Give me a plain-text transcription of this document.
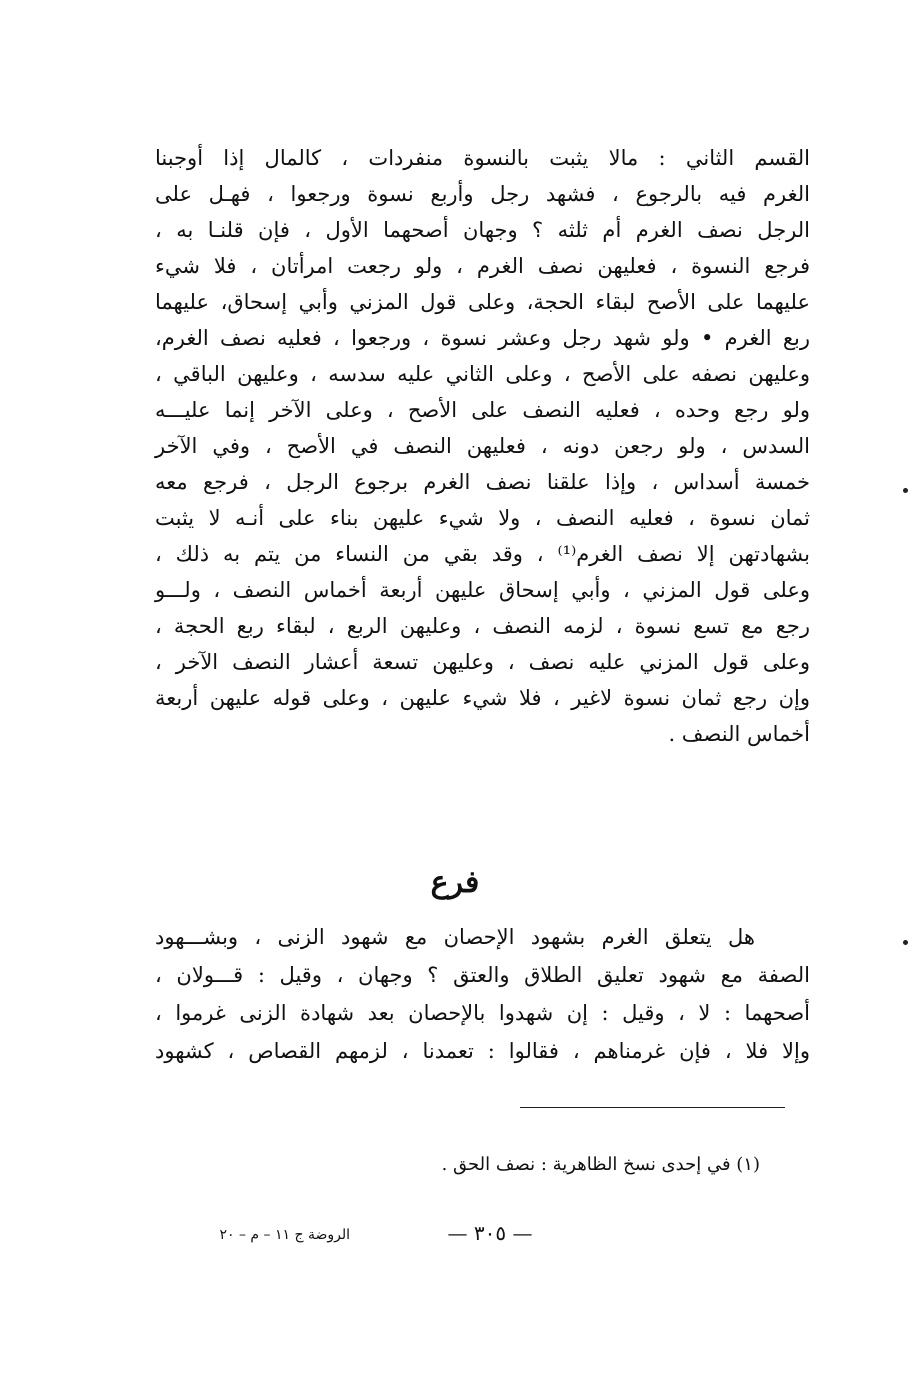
القسم الثاني : مالا يثبت بالنسوة منفردات ، كالمال إذا أوجبنا
الغرم فيه بالرجوع ، فشهد رجل وأربع نسوة ورجعوا ، فهـل على
الرجل نصف الغرم أم ثلثه ؟ وجهان أصحهما الأول ، فإن قلنـا به ،
فرجع النسوة ، فعليهن نصف الغرم ، ولو رجعت امرأتان ، فلا شيء
عليهما على الأصح لبقاء الحجة، وعلى قول المزني وأبي إسحاق، عليهما
ربع الغرم • ولو شهد رجل وعشر نسوة ، ورجعوا ، فعليه نصف الغرم،
وعليهن نصفه على الأصح ، وعلى الثاني عليه سدسه ، وعليهن الباقي ،
ولو رجع وحده ، فعليه النصف على الأصح ، وعلى الآخر إنما عليـــه
السدس ، ولو رجعن دونه ، فعليهن النصف في الأصح ، وفي الآخر
خمسة أسداس ، وإذا علقنا نصف الغرم برجوع الرجل ، فرجع معه
ثمان نسوة ، فعليه النصف ، ولا شيء عليهن بناء على أنـه لا يثبت
بشهادتهن إلا نصف الغرم⁽¹⁾ ، وقد بقي من النساء من يتم به ذلك ،
وعلى قول المزني ، وأبي إسحاق عليهن أربعة أخماس النصف ، ولـــو
رجع مع تسع نسوة ، لزمه النصف ، وعليهن الربع ، لبقاء ربع الحجة ،
وعلى قول المزني عليه نصف ، وعليهن تسعة أعشار النصف الآخر ،
وإن رجع ثمان نسوة لاغير ، فلا شيء عليهن ، وعلى قوله عليهن أربعة
أخماس النصف .
فرع
هل يتعلق الغرم بشهود الإحصان مع شهود الزنى ، وبشـــهود
الصفة مع شهود تعليق الطلاق والعتق ؟ وجهان ، وقيل : قـــولان ،
أصحهما : لا ، وقيل : إن شهدوا بالإحصان بعد شهادة الزنى غرموا ،
وإلا فلا ، فإن غرمناهم ، فقالوا : تعمدنا ، لزمهم القصاص ، كشهود
(١) في إحدى نسخ الظاهرية : نصف الحق .
— ٣٠٥ —
الروضة ج ١١ – م – ٢٠
